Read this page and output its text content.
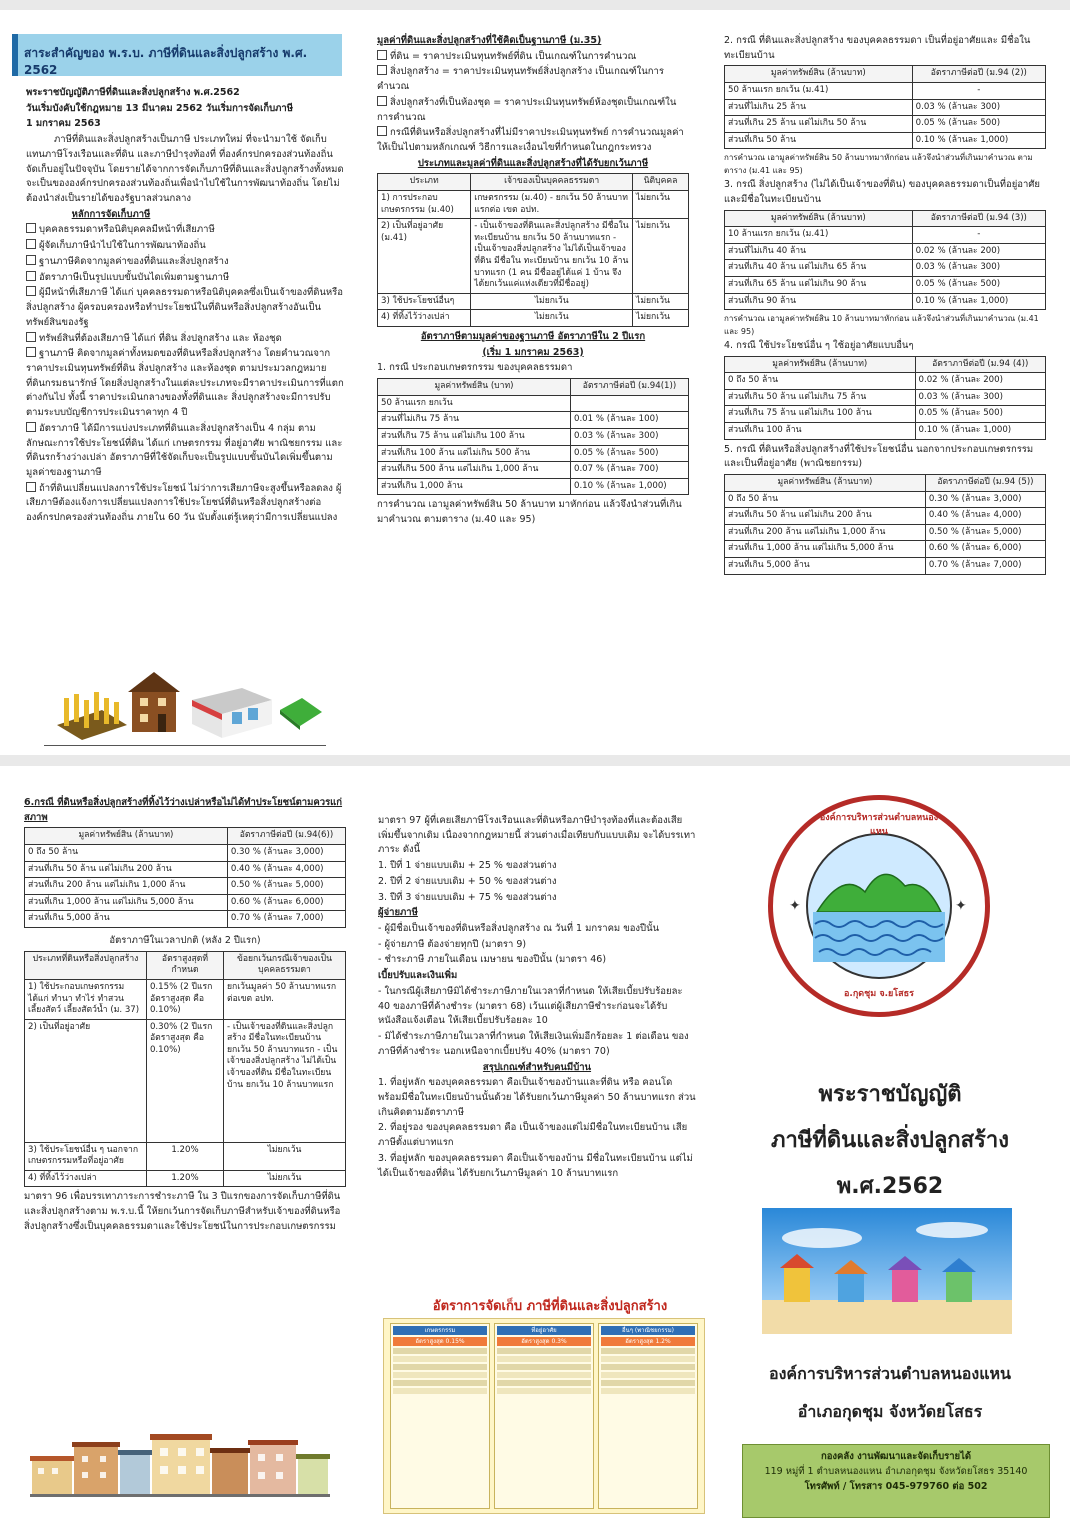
สาระสำคัญของ พ.ร.บ. ภาษีที่ดินและสิ่งปลูกสร้าง พ.ศ. 2562
พระราชบัญญัติภาษีที่ดินและสิ่งปลูกสร้าง พ.ศ.2562
วันเริ่มบังคับใช้กฎหมาย 13 มีนาคม 2562 วันเริ่มการจัดเก็บภาษี
1 มกราคม 2563
ภาษีที่ดินและสิ่งปลูกสร้างเป็นภาษี ประเภทใหม่ ที่จะนำมาใช้ จัดเก็บแทนภาษีโรงเรือนและที่ดิน และภาษีบำรุงท้องที่ ที่องค์กรปกครองส่วนท้องถิ่นจัดเก็บอยู่ในปัจจุบัน โดยรายได้จากการจัดเก็บภาษีที่ดินและสิ่งปลูกสร้างทั้งหมดจะเป็นขององค์กรปกครองส่วนท้องถิ่นเพื่อนำไปใช้ในการพัฒนาท้องถิ่น โดยไม่ต้องนำส่งเป็นรายได้ของรัฐบาลส่วนกลาง
หลักการจัดเก็บภาษี
บุคคลธรรมดาหรือนิติบุคคลมีหน้าที่เสียภาษี
ผู้จัดเก็บภาษีนำไปใช้ในการพัฒนาท้องถิ่น
ฐานภาษีคิดจากมูลค่าของที่ดินและสิ่งปลูกสร้าง
อัตราภาษีเป็นรูปแบบขั้นบันไดเพิ่มตามฐานภาษี
ผู้มีหน้าที่เสียภาษี ได้แก่ บุคคลธรรมดาหรือนิติบุคคลซึ่งเป็นเจ้าของที่ดินหรือสิ่งปลูกสร้าง ผู้ครอบครองหรือทำประโยชน์ในที่ดินหรือสิ่งปลูกสร้างอันเป็นทรัพย์สินของรัฐ
ทรัพย์สินที่ต้องเสียภาษี ได้แก่ ที่ดิน สิ่งปลูกสร้าง และ ห้องชุด
ฐานภาษี คิดจากมูลค่าทั้งหมดของที่ดินหรือสิ่งปลูกสร้าง โดยคำนวณจากราคาประเมินทุนทรัพย์ที่ดิน สิ่งปลูกสร้าง และห้องชุด ตามประมวลกฎหมายที่ดินกรมธนารักษ์ โดยสิ่งปลูกสร้างในแต่ละประเภทจะมีราคาประเมินการที่แตกต่างกันไป ทั้งนี้ ราคาประเมินกลางของทั้งที่ดินและ สิ่งปลูกสร้างจะมีการปรับตามระบบบัญชีการประเมินราคาทุก 4 ปี
อัตราภาษี ได้มีการแบ่งประเภทที่ดินและสิ่งปลูกสร้างเป็น 4 กลุ่ม ตามลักษณะการใช้ประโยชน์ที่ดิน ได้แก่ เกษตรกรรม ที่อยู่อาศัย พาณิชยกรรม และที่ดินรกร้างว่างเปล่า อัตราภาษีที่ใช้จัดเก็บจะเป็นรูปแบบขั้นบันไดเพิ่มขึ้นตามมูลค่าของฐานภาษี
ถ้าที่ดินเปลี่ยนแปลงการใช้ประโยชน์ ไม่ว่าการเสียภาษีจะสูงขึ้นหรือลดลง ผู้เสียภาษีต้องแจ้งการเปลี่ยนแปลงการใช้ประโยชน์ที่ดินหรือสิ่งปลูกสร้างต่อองค์กรปกครองส่วนท้องถิ่น ภายใน 60 วัน นับตั้งแต่รู้เหตุว่ามีการเปลี่ยนแปลง
มูลค่าที่ดินและสิ่งปลูกสร้างที่ใช้คิดเป็นฐานภาษี (ม.35)
ที่ดิน = ราคาประเมินทุนทรัพย์ที่ดิน เป็นเกณฑ์ในการคำนวณ
สิ่งปลูกสร้าง = ราคาประเมินทุนทรัพย์สิ่งปลูกสร้าง เป็นเกณฑ์ในการคำนวณ
สิ่งปลูกสร้างที่เป็นห้องชุด = ราคาประเมินทุนทรัพย์ห้องชุดเป็นเกณฑ์ในการคำนวณ
กรณีที่ดินหรือสิ่งปลูกสร้างที่ไม่มีราคาประเมินทุนทรัพย์ การคำนวณมูลค่าให้เป็นไปตามหลักเกณฑ์ วิธีการและเงื่อนไขที่กำหนดในกฎกระทรวง
ประเภทและมูลค่าที่ดินและสิ่งปลูกสร้างที่ได้รับยกเว้นภาษี
ประเภท	เจ้าของเป็นบุคคลธรรมดา	นิติบุคคล
1) การประกอบเกษตรกรรม (ม.40)	เกษตรกรรม (ม.40) - ยกเว้น 50 ล้านบาทแรกต่อ เขต อปท.	ไม่ยกเว้น
2) เป็นที่อยู่อาศัย (ม.41)	- เป็นเจ้าของที่ดินและสิ่งปลูกสร้าง มีชื่อในทะเบียนบ้าน ยกเว้น 50 ล้านบาทแรก - เป็นเจ้าของสิ่งปลูกสร้าง ไม่ได้เป็นเจ้าของที่ดิน มีชื่อใน ทะเบียนบ้าน ยกเว้น 10 ล้านบาทแรก (1 คน มีชื่ออยู่ได้แค่ 1 บ้าน จึงได้ยกเว้นแค่แห่งเดียวที่มีชื่ออยู่)	ไม่ยกเว้น
3) ใช้ประโยชน์อื่นๆ	ไม่ยกเว้น	ไม่ยกเว้น
4) ที่ทิ้งไว้ว่างเปล่า	ไม่ยกเว้น	ไม่ยกเว้น
อัตราภาษีตามมูลค่าของฐานภาษี อัตราภาษีใน 2 ปีแรก
(เริ่ม 1 มกราคม 2563)
1. กรณี ประกอบเกษตรกรรม ของบุคคลธรรมดา
มูลค่าทรัพย์สิน (บาท)	อัตราภาษีต่อปี (ม.94(1))
50 ล้านแรก ยกเว้น	
ส่วนที่ไม่เกิน 75 ล้าน	0.01 % (ล้านละ 100)
ส่วนที่เกิน 75 ล้าน แต่ไม่เกิน 100 ล้าน	0.03 % (ล้านละ 300)
ส่วนที่เกิน 100 ล้าน แต่ไม่เกิน 500 ล้าน	0.05 % (ล้านละ 500)
ส่วนที่เกิน 500 ล้าน แต่ไม่เกิน 1,000 ล้าน	0.07 % (ล้านละ 700)
ส่วนที่เกิน 1,000 ล้าน	0.10 % (ล้านละ 1,000)
การคำนวณ เอามูลค่าทรัพย์สิน 50 ล้านบาท มาหักก่อน แล้วจึงนำส่วนที่เกินมาคำนวณ ตามตาราง (ม.40 และ 95)
2. กรณี ที่ดินและสิ่งปลูกสร้าง ของบุคคลธรรมดา เป็นที่อยู่อาศัยและ มีชื่อในทะเบียนบ้าน
มูลค่าทรัพย์สิน (ล้านบาท)	อัตราภาษีต่อปี (ม.94 (2))
50 ล้านแรก ยกเว้น (ม.41)	-
ส่วนที่ไม่เกิน 25 ล้าน	0.03 % (ล้านละ 300)
ส่วนที่เกิน 25 ล้าน แต่ไม่เกิน 50 ล้าน	0.05 % (ล้านละ 500)
ส่วนที่เกิน 50 ล้าน	0.10 % (ล้านละ 1,000)
การคำนวณ เอามูลค่าทรัพย์สิน 50 ล้านบาทมาหักก่อน แล้วจึงนำส่วนที่เกินมาคำนวณ ตามตาราง (ม.41 และ 95)
3. กรณี สิ่งปลูกสร้าง (ไม่ได้เป็นเจ้าของที่ดิน) ของบุคคลธรรมดาเป็นที่อยู่อาศัยและมีชื่อในทะเบียนบ้าน
มูลค่าทรัพย์สิน (ล้านบาท)	อัตราภาษีต่อปี (ม.94 (3))
10 ล้านแรก ยกเว้น (ม.41)	-
ส่วนที่ไม่เกิน 40 ล้าน	0.02 % (ล้านละ 200)
ส่วนที่เกิน 40 ล้าน แต่ไม่เกิน 65 ล้าน	0.03 % (ล้านละ 300)
ส่วนที่เกิน 65 ล้าน แต่ไม่เกิน 90 ล้าน	0.05 % (ล้านละ 500)
ส่วนที่เกิน 90 ล้าน	0.10 % (ล้านละ 1,000)
การคำนวณ เอามูลค่าทรัพย์สิน 10 ล้านบาทมาหักก่อน แล้วจึงนำส่วนที่เกินมาคำนวณ (ม.41 และ 95)
4. กรณี ใช้ประโยชน์อื่น ๆ ใช้อยู่อาศัยแบบอื่นๆ
มูลค่าทรัพย์สิน (ล้านบาท)	อัตราภาษีต่อปี (ม.94 (4))
0 ถึง 50 ล้าน	0.02 % (ล้านละ 200)
ส่วนที่เกิน 50 ล้าน แต่ไม่เกิน 75 ล้าน	0.03 % (ล้านละ 300)
ส่วนที่เกิน 75 ล้าน แต่ไม่เกิน 100 ล้าน	0.05 % (ล้านละ 500)
ส่วนที่เกิน 100 ล้าน	0.10 % (ล้านละ 1,000)
5. กรณี ที่ดินหรือสิ่งปลูกสร้างที่ใช้ประโยชน์อื่น นอกจากประกอบเกษตรกรรมและเป็นที่อยู่อาศัย (พาณิชยกรรม)
มูลค่าทรัพย์สิน (ล้านบาท)	อัตราภาษีต่อปี (ม.94 (5))
0 ถึง 50 ล้าน	0.30 % (ล้านละ 3,000)
ส่วนที่เกิน 50 ล้าน แต่ไม่เกิน 200 ล้าน	0.40 % (ล้านละ 4,000)
ส่วนที่เกิน 200 ล้าน แต่ไม่เกิน 1,000 ล้าน	0.50 % (ล้านละ 5,000)
ส่วนที่เกิน 1,000 ล้าน แต่ไม่เกิน 5,000 ล้าน	0.60 % (ล้านละ 6,000)
ส่วนที่เกิน 5,000 ล้าน	0.70 % (ล้านละ 7,000)
6.กรณี ที่ดินหรือสิ่งปลูกสร้างที่ทิ้งไว้ว่างเปล่าหรือไม่ได้ทำประโยชน์ตามควรแก่สภาพ
มูลค่าทรัพย์สิน (ล้านบาท)	อัตราภาษีต่อปี (ม.94(6))
0 ถึง 50 ล้าน	0.30 % (ล้านละ 3,000)
ส่วนที่เกิน 50 ล้าน แต่ไม่เกิน 200 ล้าน	0.40 % (ล้านละ 4,000)
ส่วนที่เกิน 200 ล้าน แต่ไม่เกิน 1,000 ล้าน	0.50 % (ล้านละ 5,000)
ส่วนที่เกิน 1,000 ล้าน แต่ไม่เกิน 5,000 ล้าน	0.60 % (ล้านละ 6,000)
ส่วนที่เกิน 5,000 ล้าน	0.70 % (ล้านละ 7,000)
อัตราภาษีในเวลาปกติ (หลัง 2 ปีแรก)
ประเภทที่ดินหรือสิ่งปลูกสร้าง	อัตราสูงสุดที่กำหนด	ข้อยกเว้นกรณีเจ้าของเป็นบุคคลธรรมดา
1) ใช้ประกอบเกษตรกรรม ได้แก่ ทำนา ทำไร่ ทำสวน เลี้ยงสัตว์ เลี้ยงสัตว์น้ำ (ม. 37)	0.15% (2 ปีแรก อัตราสูงสุด คือ 0.10%)	ยกเว้นมูลค่า 50 ล้านบาทแรก ต่อเขต อปท.
2) เป็นที่อยู่อาศัย	0.30% (2 ปีแรก อัตราสูงสุด คือ 0.10%)	- เป็นเจ้าของที่ดินและสิ่งปลูกสร้าง มีชื่อในทะเบียนบ้าน ยกเว้น 50 ล้านบาทแรก - เป็นเจ้าของสิ่งปลูกสร้าง ไม่ได้เป็นเจ้าของที่ดิน มีชื่อในทะเบียนบ้าน ยกเว้น 10 ล้านบาทแรก
3) ใช้ประโยชน์อื่น ๆ นอกจากเกษตรกรรมหรือที่อยู่อาศัย	1.20%	ไม่ยกเว้น
4) ที่ทิ้งไว้ว่างเปล่า	1.20%	ไม่ยกเว้น
มาตรา 96 เพื่อบรรเทาภาระการชำระภาษี ใน 3 ปีแรกของการจัดเก็บภาษีที่ดินและสิ่งปลูกสร้างตาม พ.ร.บ.นี้ ให้ยกเว้นการจัดเก็บภาษีสำหรับเจ้าของที่ดินหรือสิ่งปลูกสร้างซึ่งเป็นบุคคลธรรมดาและใช้ประโยชน์ในการประกอบเกษตรกรรม
มาตรา 97 ผู้ที่เคยเสียภาษีโรงเรือนและที่ดินหรือภาษีบำรุงท้องที่และต้องเสียเพิ่มขึ้นจากเดิม เนื่องจากกฎหมายนี้ ส่วนต่างเมื่อเทียบกับแบบเดิม จะได้บรรเทาภาระ ดังนี้
1. ปีที่ 1 จ่ายแบบเดิม + 25 % ของส่วนต่าง
2. ปีที่ 2 จ่ายแบบเดิม + 50 % ของส่วนต่าง
3. ปีที่ 3 จ่ายแบบเดิม + 75 % ของส่วนต่าง
ผู้จ่ายภาษี
- ผู้มีชื่อเป็นเจ้าของที่ดินหรือสิ่งปลูกสร้าง ณ วันที่ 1 มกราคม ของปีนั้น
- ผู้จ่ายภาษี ต้องจ่ายทุกปี (มาตรา 9)
- ชำระภาษี ภายในเดือน เมษายน ของปีนั้น (มาตรา 46)
เบี้ยปรับและเงินเพิ่ม
- ในกรณีผู้เสียภาษีมิได้ชำระภาษีภายในเวลาที่กำหนด ให้เสียเบี้ยปรับร้อยละ 40 ของภาษีที่ค้างชำระ (มาตรา 68) เว้นแต่ผู้เสียภาษีชำระก่อนจะได้รับหนังสือแจ้งเตือน ให้เสียเบี้ยปรับร้อยละ 10
- มิได้ชำระภาษีภายในเวลาที่กำหนด ให้เสียเงินเพิ่มอีกร้อยละ 1 ต่อเดือน ของภาษีที่ค้างชำระ นอกเหนือจากเบี้ยปรับ 40% (มาตรา 70)
สรุปเกณฑ์สำหรับคนมีบ้าน
1. ที่อยู่หลัก ของบุคคลธรรมดา คือเป็นเจ้าของบ้านและที่ดิน หรือ คอนโด พร้อมมีชื่อในทะเบียนบ้านนั้นด้วย ได้รับยกเว้นภาษีมูลค่า 50 ล้านบาทแรก ส่วนเกินคิดตามอัตราภาษี
2. ที่อยู่รอง ของบุคคลธรรมดา คือ เป็นเจ้าของแต่ไม่มีชื่อในทะเบียนบ้าน เสียภาษีตั้งแต่บาทแรก
3. ที่อยู่หลัก ของบุคคลธรรมดา คือเป็นเจ้าของบ้าน มีชื่อในทะเบียนบ้าน แต่ไม่ได้เป็นเจ้าของที่ดิน ได้รับยกเว้นภาษีมูลค่า 10 ล้านบาทแรก
อัตราการจัดเก็บ ภาษีที่ดินและสิ่งปลูกสร้าง
เกษตรกรรม
อัตราสูงสุด 0.15%
ที่อยู่อาศัย
อัตราสูงสุด 0.3%
อื่นๆ (พาณิชยกรรม)
อัตราสูงสุด 1.2%
✦	✦
องค์การบริหารส่วนตำบลหนองแหน
อ.กุดชุม จ.ยโสธร
พระราชบัญญัติ
ภาษีที่ดินและสิ่งปลูกสร้าง
พ.ศ.2562
องค์การบริหารส่วนตำบลหนองแหน
อำเภอกุดชุม จังหวัดยโสธร
กองคลัง งานพัฒนาและจัดเก็บรายได้
119 หมู่ที่ 1 ตำบลหนองแหน อำเภอกุดชุม จังหวัดยโสธร 35140
โทรศัพท์ / โทรสาร 045-979760 ต่อ 502
